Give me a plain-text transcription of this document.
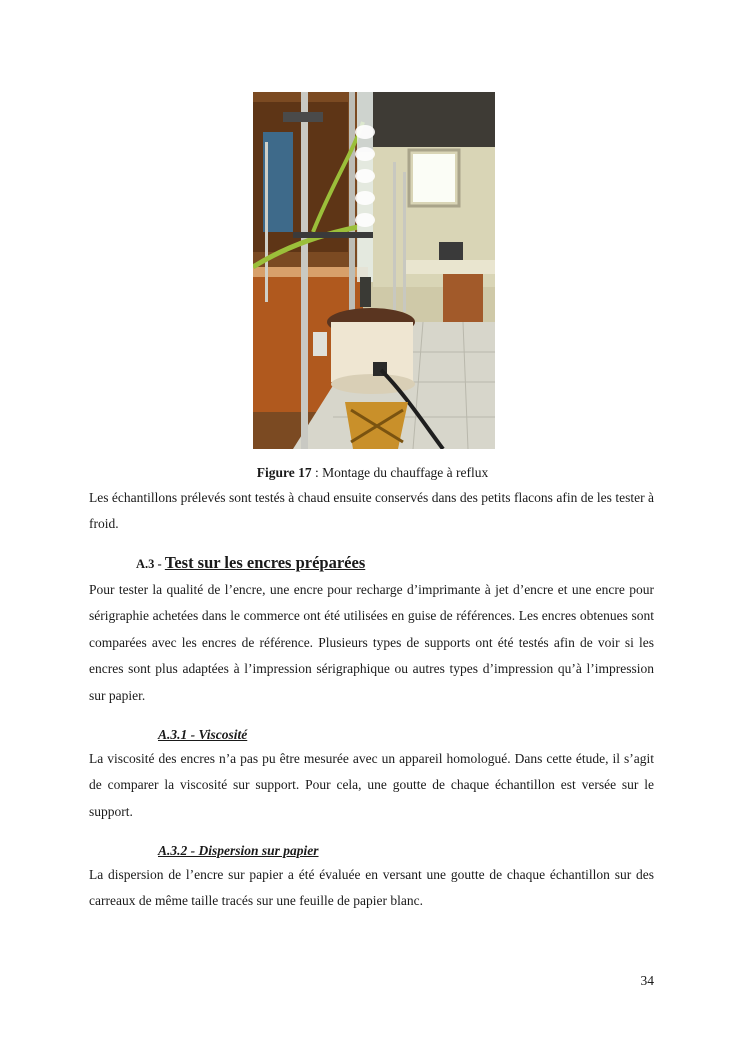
Figure 17 : Montage du chauffage à reflux

Les échantillons prélevés sont testés à chaud ensuite conservés dans des petits flacons afin de les tester à froid.

A.3 - Test sur les encres préparées

Pour tester la qualité de l’encre, une encre pour recharge d’imprimante à jet d’encre et une encre pour sérigraphie achetées dans le commerce ont été utilisées en guise de références. Les encres obtenues sont comparées avec les encres de référence. Plusieurs types de supports ont été testés afin de voir si les encres sont plus adaptées à l’impression sérigraphique ou autres types d’impression qu’à l’impression sur papier.

A.3.1 - Viscosité

La viscosité des encres n’a pas pu être mesurée avec un appareil homologué. Dans cette étude, il s’agit de comparer la viscosité sur support. Pour cela, une goutte de chaque échantillon est versée sur le support.

A.3.2 - Dispersion sur papier

La dispersion de l’encre sur papier a été évaluée en versant une goutte de chaque échantillon sur des carreaux de même taille tracés sur une feuille de papier blanc.

34
